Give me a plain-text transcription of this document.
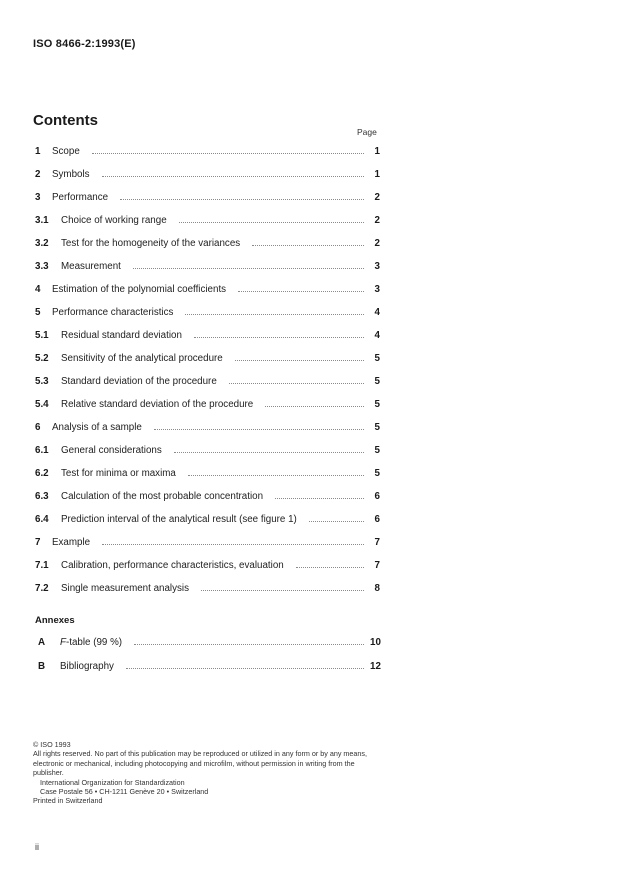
ISO 8466-2:1993(E)
Contents
Page
1	Scope	1
2	Symbols	1
3	Performance	2
3.1	Choice of working range	2
3.2	Test for the homogeneity of the variances	2
3.3	Measurement	3
4	Estimation of the polynomial coefficients	3
5	Performance characteristics	4
5.1	Residual standard deviation	4
5.2	Sensitivity of the analytical procedure	5
5.3	Standard deviation of the procedure	5
5.4	Relative standard deviation of the procedure	5
6	Analysis of a sample	5
6.1	General considerations	5
6.2	Test for minima or maxima	5
6.3	Calculation of the most probable concentration	6
6.4	Prediction interval of the analytical result (see figure 1)	6
7	Example	7
7.1	Calibration, performance characteristics, evaluation	7
7.2	Single measurement analysis	8
Annexes
A	F-table (99 %)	10
B	Bibliography	12
© ISO 1993
All rights reserved. No part of this publication may be reproduced or utilized in any form or by any means, electronic or mechanical, including photocopying and microfilm, without permission in writing from the publisher.
International Organization for Standardization
Case Postale 56 • CH-1211 Genève 20 • Switzerland
Printed in Switzerland
ii
